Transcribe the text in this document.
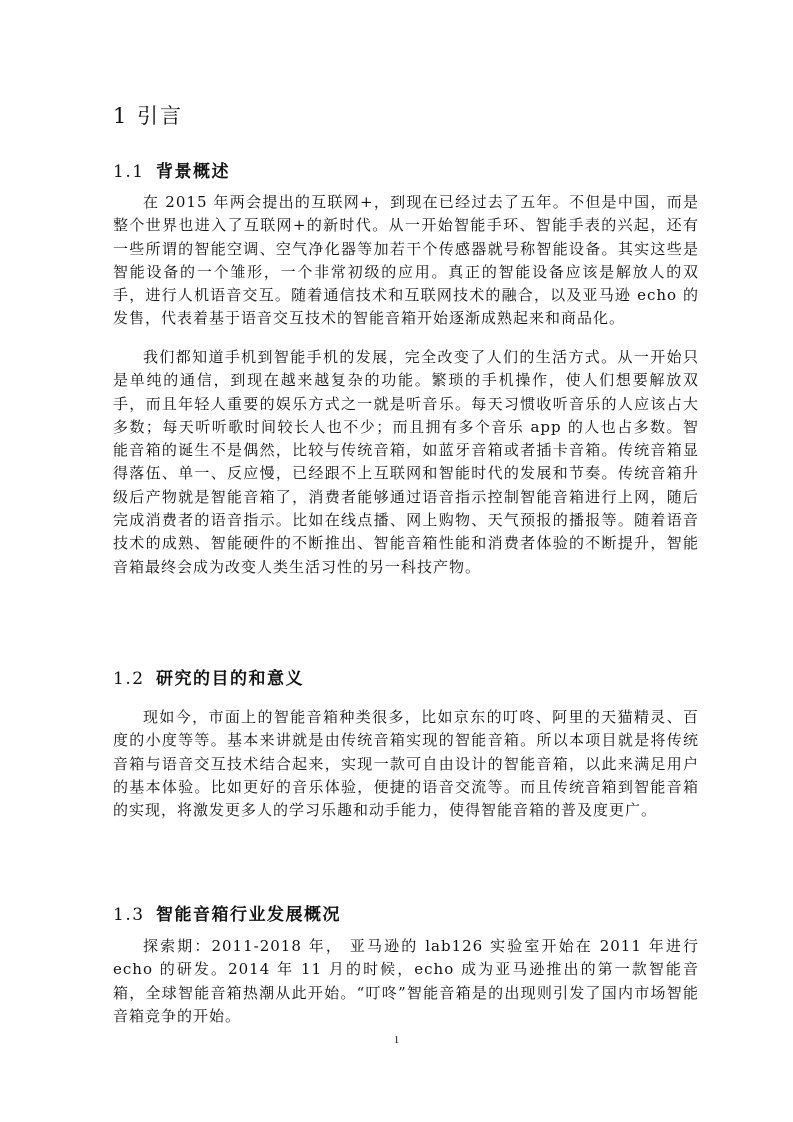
1 引言
1.1 背景概述

在 2015 年两会提出的互联网+，到现在已经过去了五年。不但是中国，而是整个世界也进入了互联网+的新时代。从一开始智能手环、智能手表的兴起，还有一些所谓的智能空调、空气净化器等加若干个传感器就号称智能设备。其实这些是智能设备的一个雏形，一个非常初级的应用。真正的智能设备应该是解放人的双手，进行人机语音交互。随着通信技术和互联网技术的融合，以及亚马逊 echo 的发售，代表着基于语音交互技术的智能音箱开始逐渐成熟起来和商品化。

我们都知道手机到智能手机的发展，完全改变了人们的生活方式。从一开始只是单纯的通信，到现在越来越复杂的功能。繁琐的手机操作，使人们想要解放双手，而且年轻人重要的娱乐方式之一就是听音乐。每天习惯收听音乐的人应该占大多数；每天听听歌时间较长人也不少；而且拥有多个音乐 app 的人也占多数。智能音箱的诞生不是偶然，比较与传统音箱，如蓝牙音箱或者插卡音箱。传统音箱显得落伍、单一、反应慢，已经跟不上互联网和智能时代的发展和节奏。传统音箱升级后产物就是智能音箱了，消费者能够通过语音指示控制智能音箱进行上网，随后完成消费者的语音指示。比如在线点播、网上购物、天气预报的播报等。随着语音技术的成熟、智能硬件的不断推出、智能音箱性能和消费者体验的不断提升，智能音箱最终会成为改变人类生活习性的另一科技产物。

1.2 研究的目的和意义

现如今，市面上的智能音箱种类很多，比如京东的叮咚、阿里的天猫精灵、百度的小度等等。基本来讲就是由传统音箱实现的智能音箱。所以本项目就是将传统音箱与语音交互技术结合起来，实现一款可自由设计的智能音箱，以此来满足用户的基本体验。比如更好的音乐体验，便捷的语音交流等。而且传统音箱到智能音箱的实现，将激发更多人的学习乐趣和动手能力，使得智能音箱的普及度更广。

1.3 智能音箱行业发展概况

探索期：2011-2018 年， 亚马逊的 lab126 实验室开始在 2011 年进行 echo 的研发。2014 年 11 月的时候，echo 成为亚马逊推出的第一款智能音箱，全球智能音箱热潮从此开始。“叮咚”智能音箱是的出现则引发了国内市场智能音箱竞争的开始。

1
